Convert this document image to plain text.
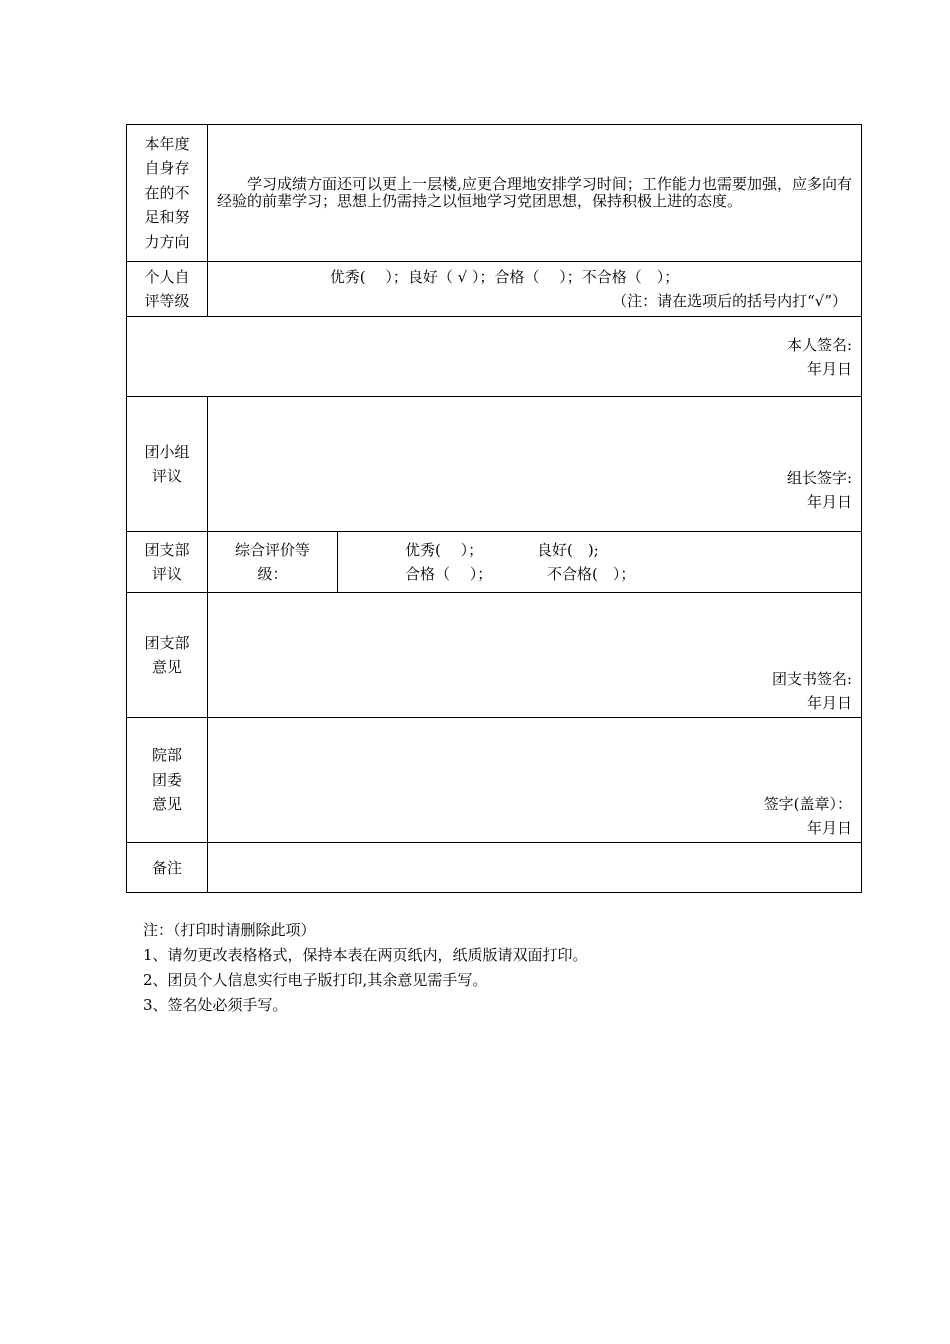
本年度自身存在的不足和努力方向	学习成绩方面还可以更上一层楼,应更合理地安排学习时间；工作能力也需要加强，应多向有经验的前辈学习；思想上仍需持之以恒地学习党团思想，保持积极上进的态度。	

个人自评等级	优秀(　 ）；良好（ √ ）；合格（　 ）；不合格（　）；
（注：请在选项后的括号内打“√”）	

本人签名:
年月日		

团小组评议	组长签字:
年月日	

团支部评议	综合评价等级：	优秀(　 ）； 良好(　);
合格（　 ）； 不合格(　）；

团支部意见	团支书签名:
年月日	

院部团委意见	签字(盖章）：
年月日	

备注		

注：（打印时请删除此项）
1、请勿更改表格格式，保持本表在两页纸内，纸质版请双面打印。
2、团员个人信息实行电子版打印,其余意见需手写。
3、签名处必须手写。
